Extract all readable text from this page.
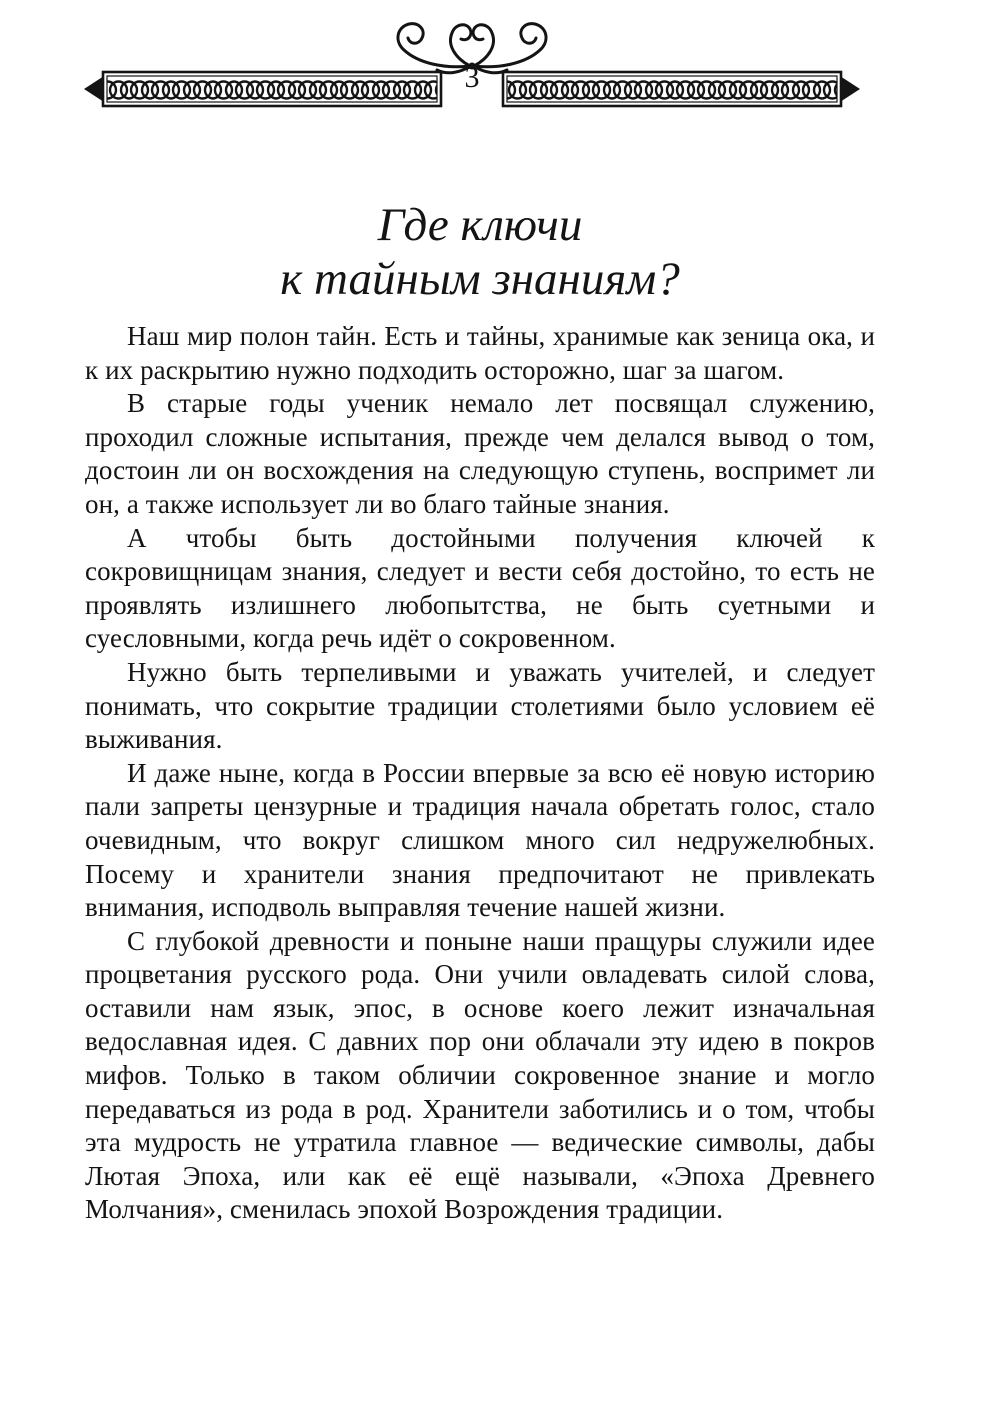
3
Где ключи
к тайным знаниям?

Наш мир полон тайн. Есть и тайны, хранимые как зеница ока, и к их раскрытию нужно подходить осторожно, шаг за шагом.

В старые годы ученик немало лет посвящал служению, проходил сложные испытания, прежде чем делался вывод о том, достоин ли он восхождения на следующую ступень, воспримет ли он, а также использует ли во благо тайные знания.

А чтобы быть достойными получения ключей к сокровищницам знания, следует и вести себя достойно, то есть не проявлять излишнего любопытства, не быть суетными и суесловными, когда речь идёт о сокровенном.

Нужно быть терпеливыми и уважать учителей, и следует понимать, что сокрытие традиции столетиями было условием её выживания.

И даже ныне, когда в России впервые за всю её новую историю пали запреты цензурные и традиция начала обретать голос, стало очевидным, что вокруг слишком много сил недружелюбных. Посему и хранители знания предпочитают не привлекать внимания, исподволь выправляя течение нашей жизни.

С глубокой древности и поныне наши пращуры служили идее процветания русского рода. Они учили овладевать силой слова, оставили нам язык, эпос, в основе коего лежит изначальная ведославная идея. С давних пор они облачали эту идею в покров мифов. Только в таком обличии сокровенное знание и могло передаваться из рода в род. Хранители заботились и о том, чтобы эта мудрость не утратила главное — ведические символы, дабы Лютая Эпоха, или как её ещё называли, «Эпоха Древнего Молчания», сменилась эпохой Возрождения традиции.
